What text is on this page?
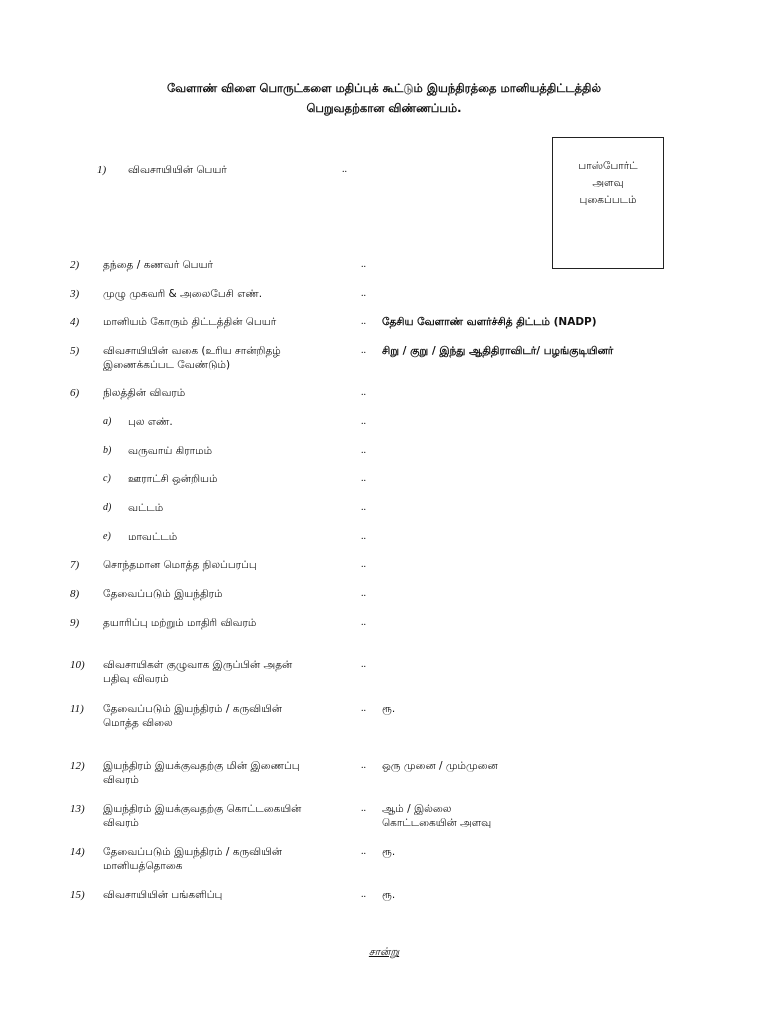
வேளாண் விளை பொருட்களை மதிப்புக் கூட்டும் இயந்திரத்தை மானியத்திட்டத்தில்
பெறுவதற்கான விண்ணப்பம்.
பாஸ்போர்ட்
அளவு
புகைப்படம்
1)	விவசாயியின் பெயர்	..
2)	தந்தை / கணவர் பெயர்	..
3)	முழு முகவரி & அலைபேசி எண்.	..
4)	மானியம் கோரும் திட்டத்தின் பெயர்	.. தேசிய வேளாண் வளர்ச்சித் திட்டம் (NADP)
5)	விவசாயியின் வகை (உரிய சான்றிதழ்
இணைக்கப்பட வேண்டும்)
.. சிறு / குறு / இந்து ஆதிதிராவிடர்/ பழங்குடியினர்
6)	நிலத்தின் விவரம்	..
a)	புல எண்.	..
b)	வருவாய் கிராமம்	..
c)	ஊராட்சி ஒன்றியம்	..
d)	வட்டம்	..
e)	மாவட்டம்	..
7)	சொந்தமான மொத்த நிலப்பரப்பு	..
8)	தேவைப்படும் இயந்திரம்	..
9)	தயாரிப்பு மற்றும் மாதிரி விவரம்	..
10)	விவசாயிகள் குழுவாக இருப்பின் அதன்
பதிவு விவரம்
..
11)	தேவைப்படும் இயந்திரம் / கருவியின்
மொத்த விலை
.. ரூ.
12)	இயந்திரம் இயக்குவதற்கு மின் இணைப்பு
விவரம்
.. ஒரு முனை / மும்முனை
13)	இயந்திரம் இயக்குவதற்கு கொட்டகையின்
விவரம்
.. ஆம் / இல்லை
கொட்டகையின் அளவு
14)	தேவைப்படும் இயந்திரம் / கருவியின்
மானியத்தொகை
.. ரூ.
15)	விவசாயியின் பங்களிப்பு	.. ரூ.
சான்று
